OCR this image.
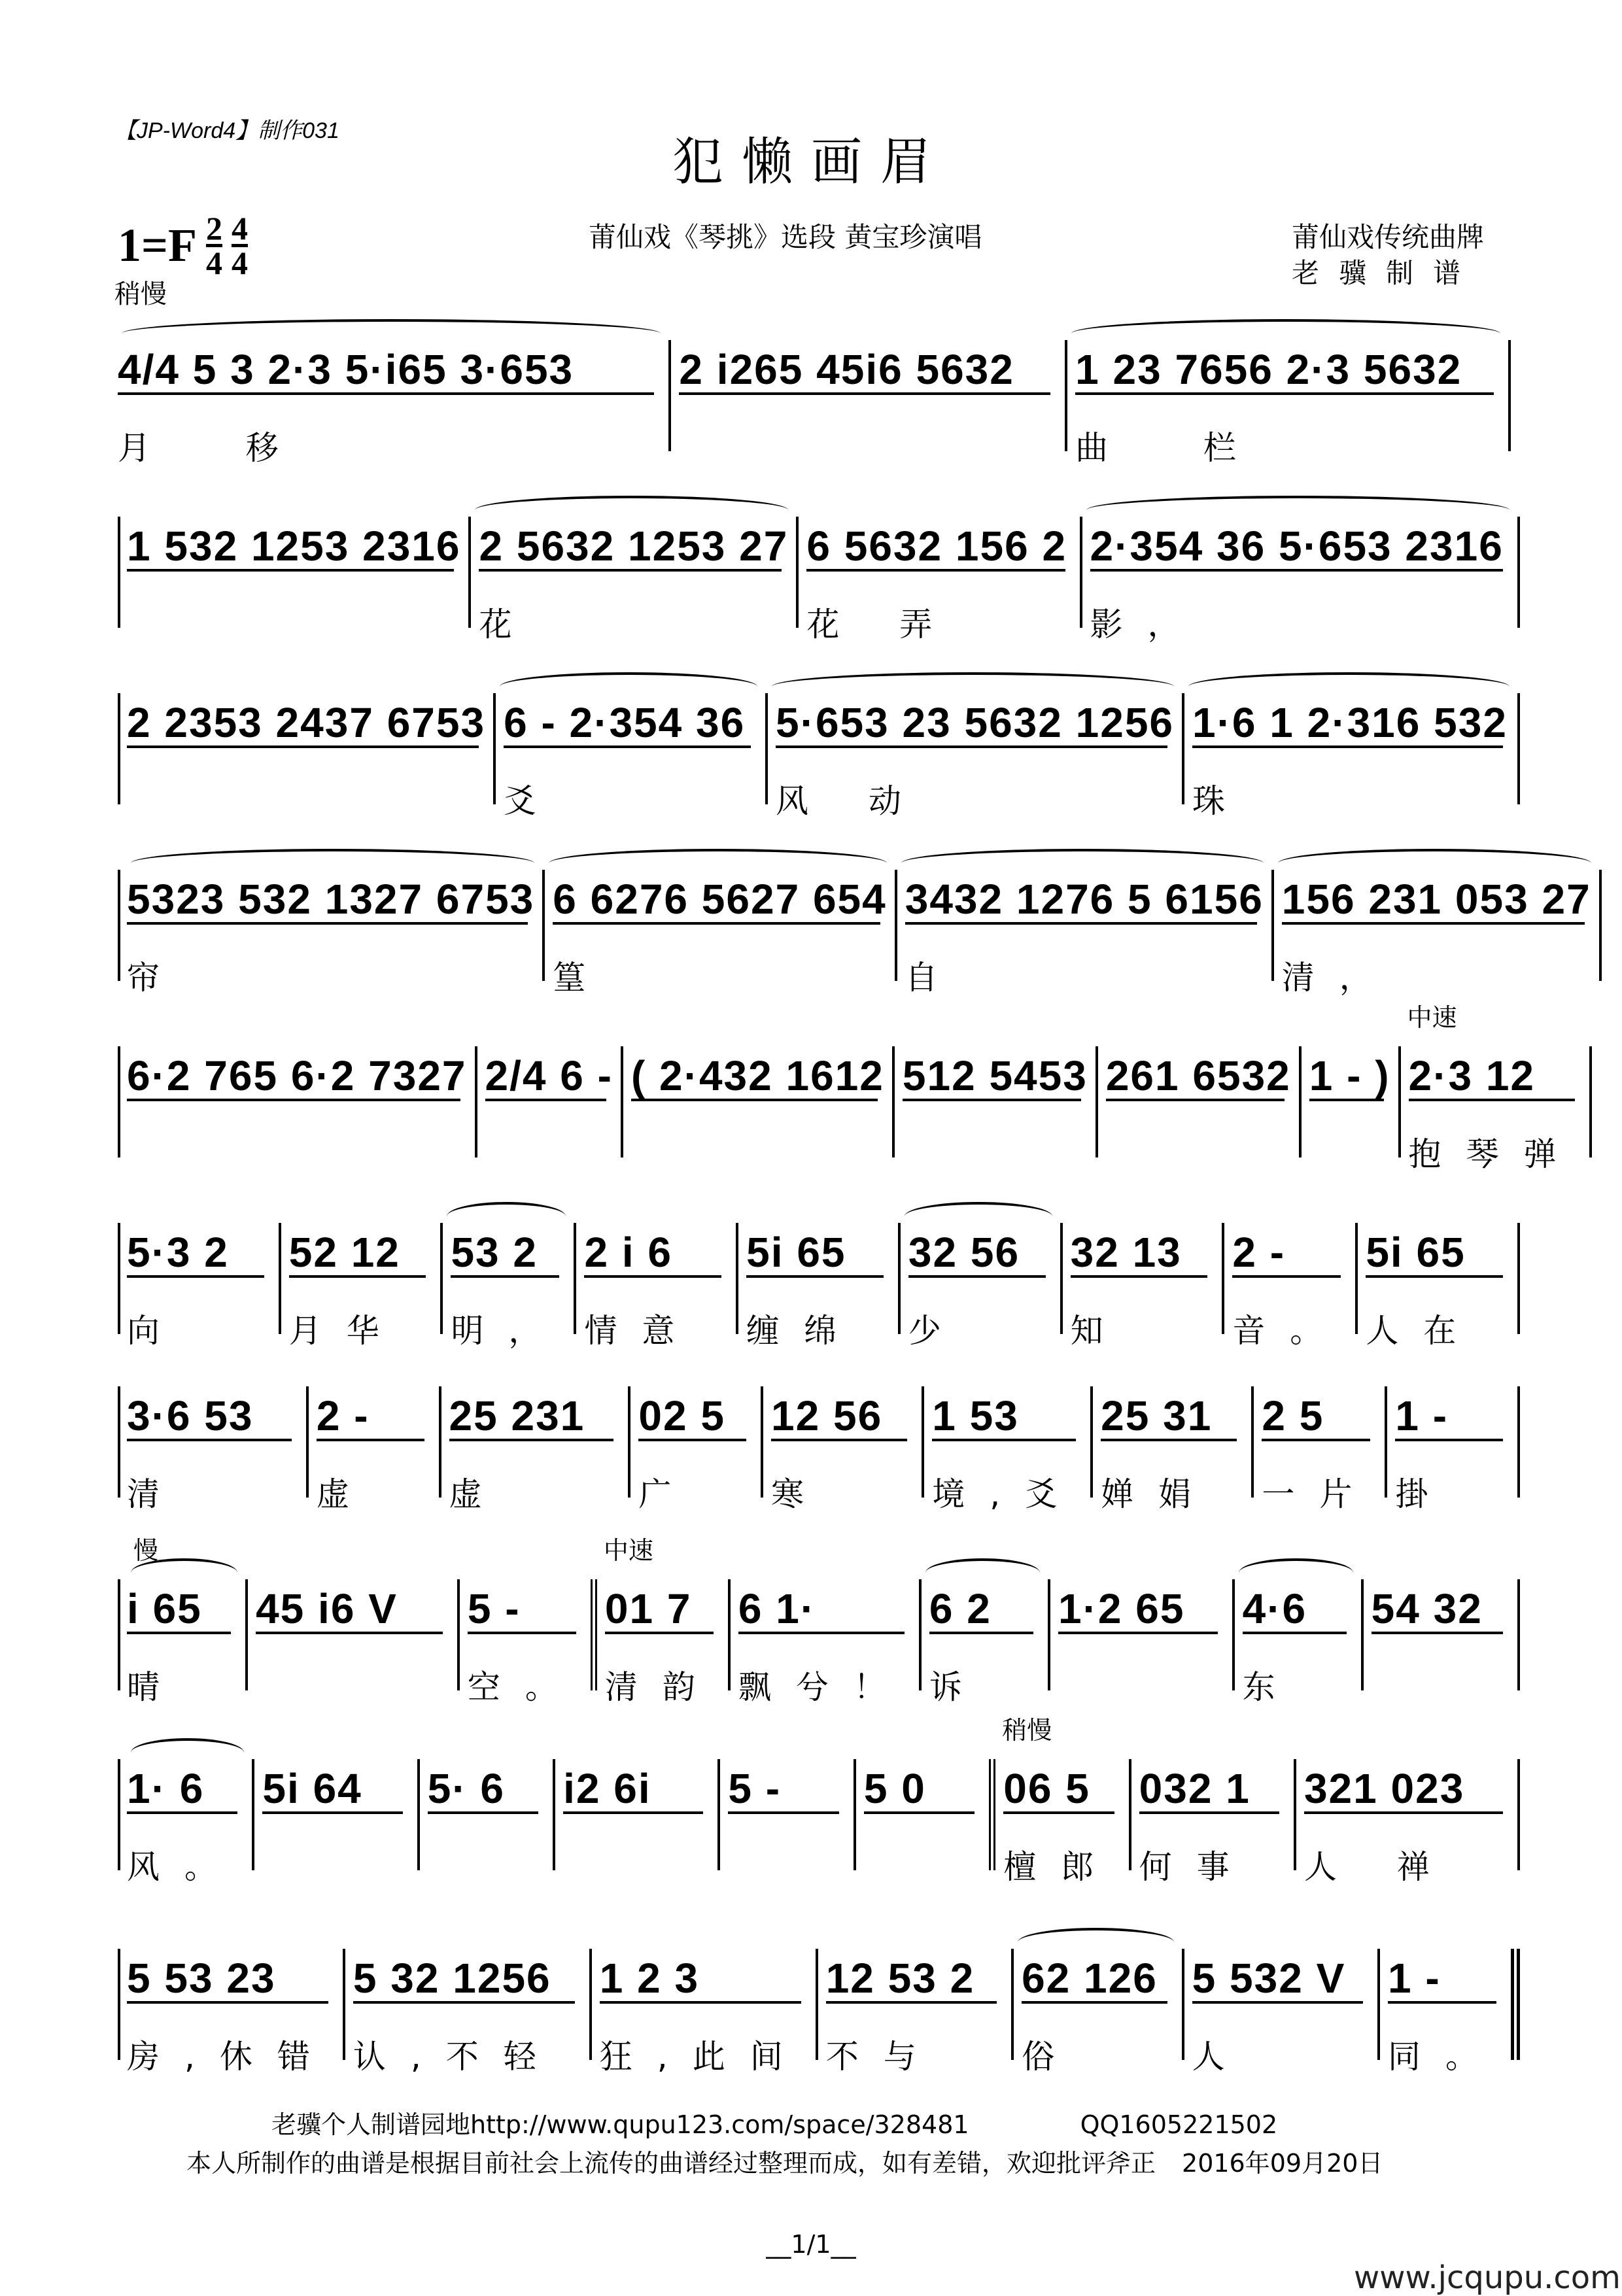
【JP-Word4】制作031
犯懒画眉
$1=F \frac{2}{4} \frac{4}{4}$
稍慢
莆仙戏《琴挑》选段 黄宝珍演唱	莆仙戏传统曲牌
老骥制谱
4/4 5 3 2·3 5·i65 3·653
月  移
2 i265 45i6 5632	1 23 7656 2·3 5632
曲  栏
1 532 1253 2316 2 5632 1253 27
花
6 5632 156 2
花 弄
2·354 36 5·653 2316
影，
2 2353 2437 6753 6 - 2·354 36
爻
5·653 23 5632 1256
风 动
1·6 1 2·316 532
珠
5323 532 1327 6753
帘
6 6276 5627 654
篁
3432 1276 5 6156
自
156 231 053 27
清，
6·2 765 6·2 7327 2/4 6 - ( 2·432 1612 512 5453 261 6532 1 - )
中速
2·3 12
抱琴弹
5·3 2
向
52 12
月华
53 2
明，
2 i 6
情意
5i 65
缠绵
32 56
少
32 13
知
2 -
音。
5i 65
人在
3·6 53
清
2 -
虚
25 231
虚
02 5
广
12 56
寒
1 53
境,爻
25 31
婵娟
2 5
一片
1 -
掛
慢
i 65
晴
45 i6 V	5 -
空。
中速
01 7
清韵
6 1·
飘兮！
6 2
诉
1·2 65	4·6
东
54 32
1· 6
风。
5i 64	5· 6	i2 6i	5 -	5 0
稍慢
06 5
檀郎
032 1
何事
321 023
人 禅
5 53 23
房,休错
5 32 1256
认,不轻
1 2 3
狂,此间
12 53 2
不与
62 126
俗
5 532 V
人
1 -
同。
老骥个人制谱园地http://www.qupu123.com/space/328481	QQ1605221502
本人所制作的曲谱是根据目前社会上流传的曲谱经过整理而成，如有差错，欢迎批评斧正 2016年09月20日
__1/1__
www.jcqupu.com
